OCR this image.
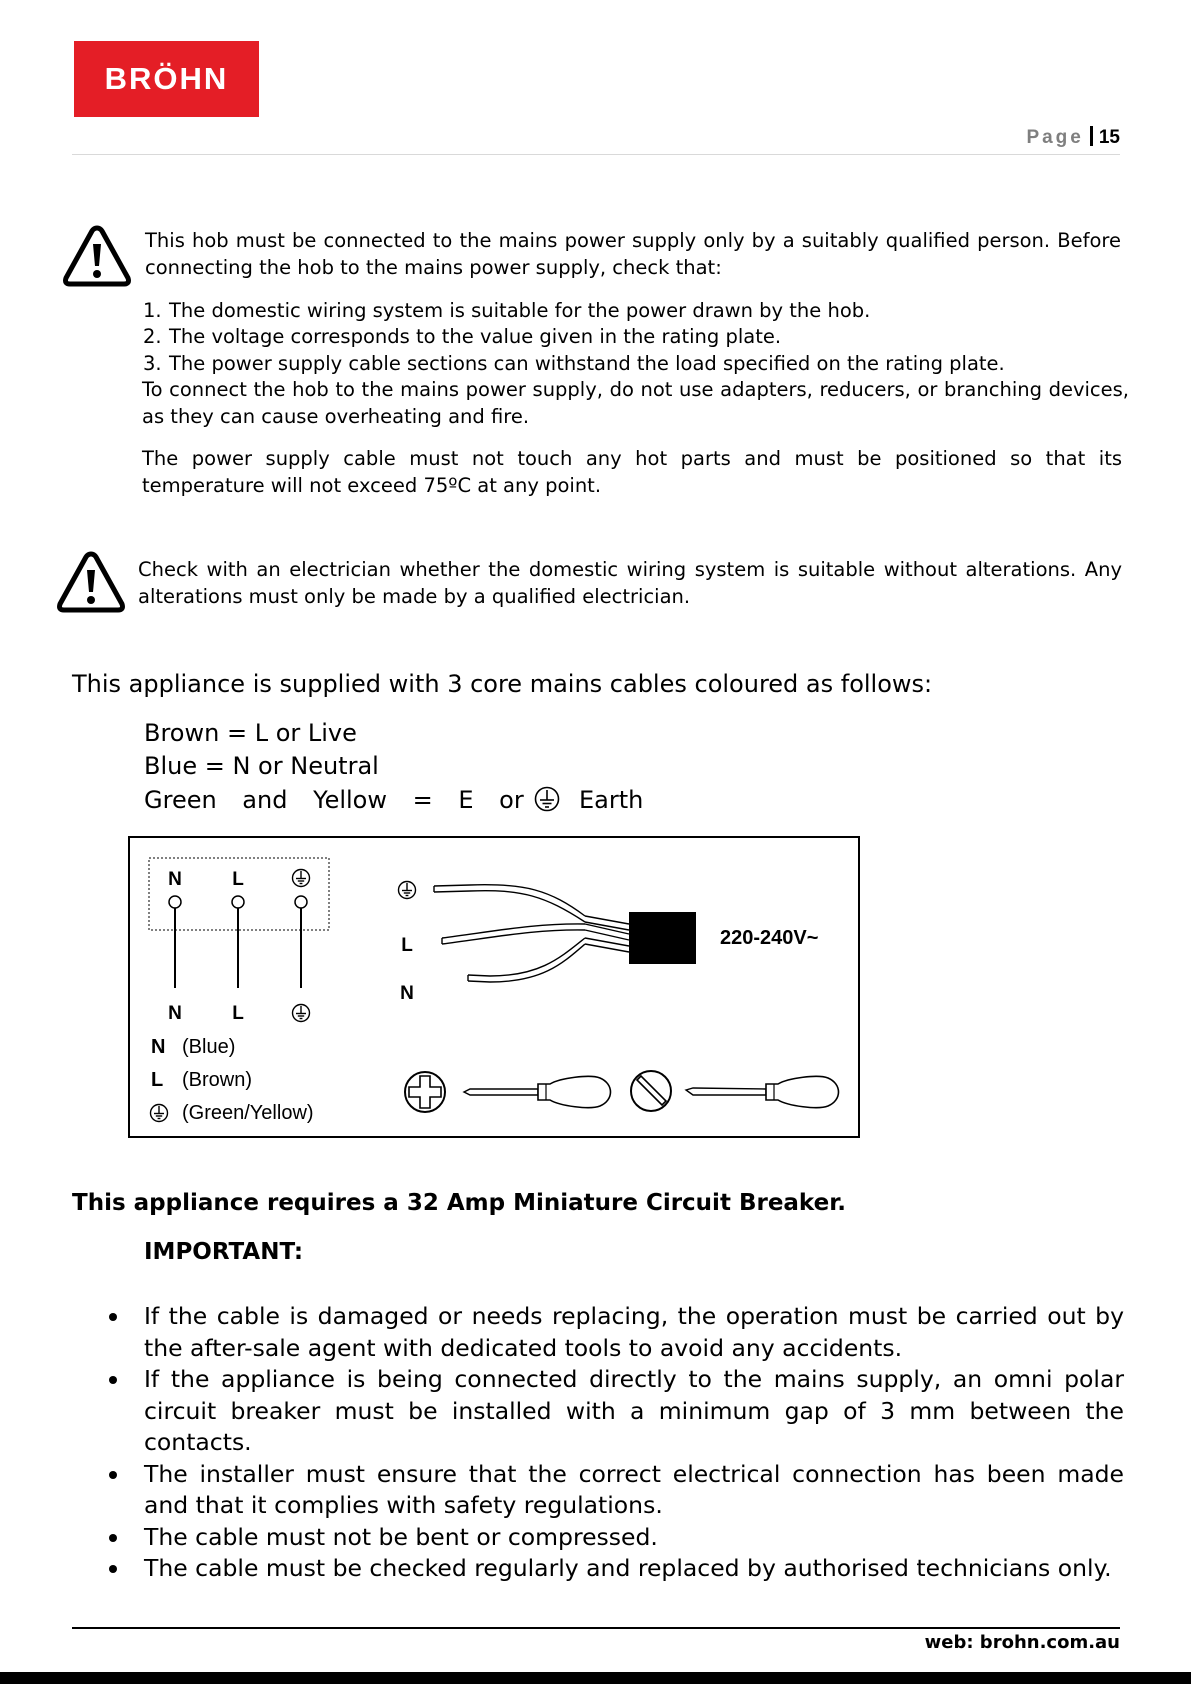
BRÖHN
Page 15
This hob must be connected to the mains power supply only by a suitably qualified person. Before
connecting the hob to the mains power supply, check that:
1. The domestic wiring system is suitable for the power drawn by the hob.
2. The voltage corresponds to the value given in the rating plate.
3. The power supply cable sections can withstand the load specified on the rating plate.
To connect the hob to the mains power supply, do not use adapters, reducers, or branching devices, as they can cause overheating and fire.
The power supply cable must not touch any hot parts and must be positioned so that its temperature will not exceed 75ºC at any point.
Check with an electrician whether the domestic wiring system is suitable without alterations. Any alterations must only be made by a qualified electrician.
This appliance is supplied with 3 core mains cables coloured as follows:
Brown = L or Live
Blue = N or Neutral
Green and Yellow = E or Earth
N	L
N	L
N (Blue)
L (Brown)
(Green/Yellow)
L
N
220-240V~
This appliance requires a 32 Amp Miniature Circuit Breaker.
IMPORTANT:
If the cable is damaged or needs replacing, the operation must be carried out by the after-sale agent with dedicated tools to avoid any accidents.
If the appliance is being connected directly to the mains supply, an omni polar circuit breaker must be installed with a minimum gap of 3 mm between the contacts.
The installer must ensure that the correct electrical connection has been made and that it complies with safety regulations.
The cable must not be bent or compressed.
The cable must be checked regularly and replaced by authorised technicians only.
web: brohn.com.au
